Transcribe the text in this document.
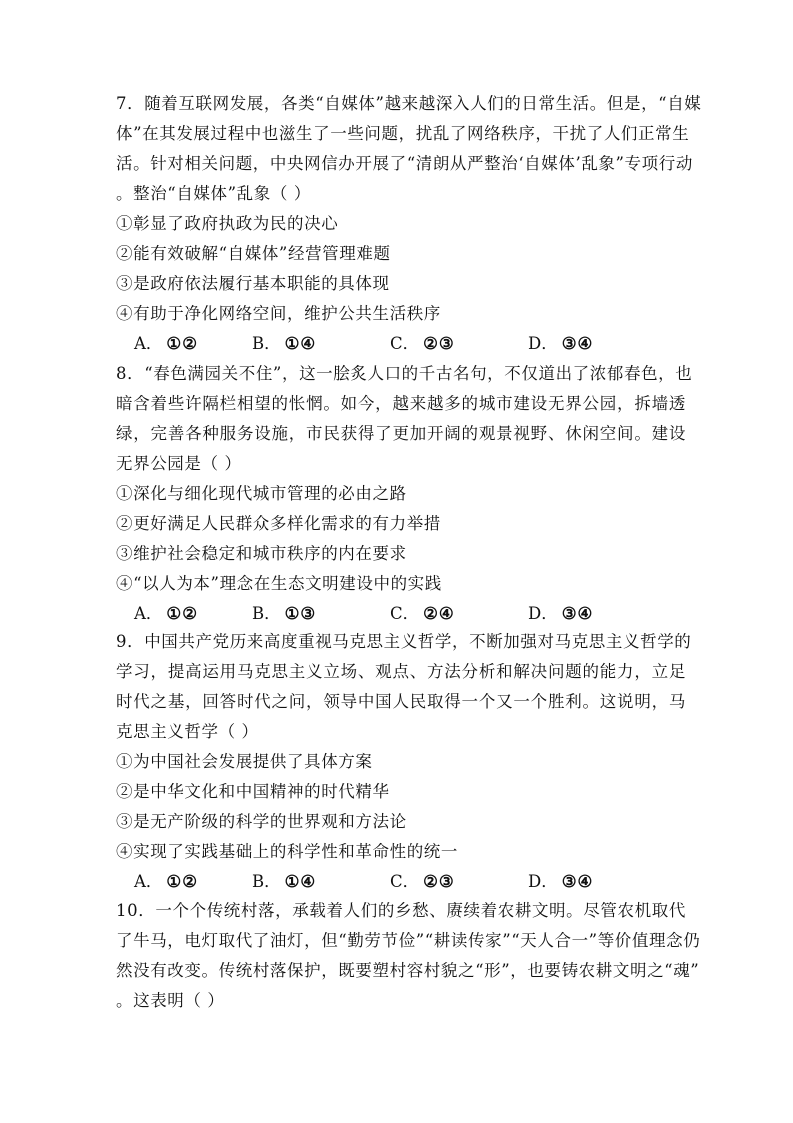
7．随着互联网发展，各类“自媒体”越来越深入人们的日常生活。但是，“自媒
体”在其发展过程中也滋生了一些问题，扰乱了网络秩序，干扰了人们正常生
活。针对相关问题，中央网信办开展了“清朗从严整治‘自媒体’乱象”专项行动
。整治“自媒体”乱象（ ）
①彰显了政府执政为民的决心
②能有效破解“自媒体”经营管理难题
③是政府依法履行基本职能的具体现
④有助于净化网络空间，维护公共生活秩序
A． ①②	B． ①④	C． ②③	D． ③④
8．“春色满园关不住”，这一脍炙人口的千古名句，不仅道出了浓郁春色，也
暗含着些许隔栏相望的怅惘。如今，越来越多的城市建设无界公园，拆墙透
绿，完善各种服务设施，市民获得了更加开阔的观景视野、休闲空间。建设
无界公园是（ ）
①深化与细化现代城市管理的必由之路
②更好满足人民群众多样化需求的有力举措
③维护社会稳定和城市秩序的内在要求
④“以人为本”理念在生态文明建设中的实践
A． ①②	B． ①③	C． ②④	D． ③④
9．中国共产党历来高度重视马克思主义哲学，不断加强对马克思主义哲学的
学习，提高运用马克思主义立场、观点、方法分析和解决问题的能力，立足
时代之基，回答时代之问，领导中国人民取得一个又一个胜利。这说明，马
克思主义哲学（ ）
①为中国社会发展提供了具体方案
②是中华文化和中国精神的时代精华
③是无产阶级的科学的世界观和方法论
④实现了实践基础上的科学性和革命性的统一
A． ①②	B． ①④	C． ②③	D． ③④
10．一个个传统村落，承载着人们的乡愁、赓续着农耕文明。尽管农机取代
了牛马，电灯取代了油灯，但“勤劳节俭”“耕读传家”“天人合一”等价值理念仍
然没有改变。传统村落保护，既要塑村容村貌之“形”，也要铸农耕文明之“魂”
。这表明（ ）
